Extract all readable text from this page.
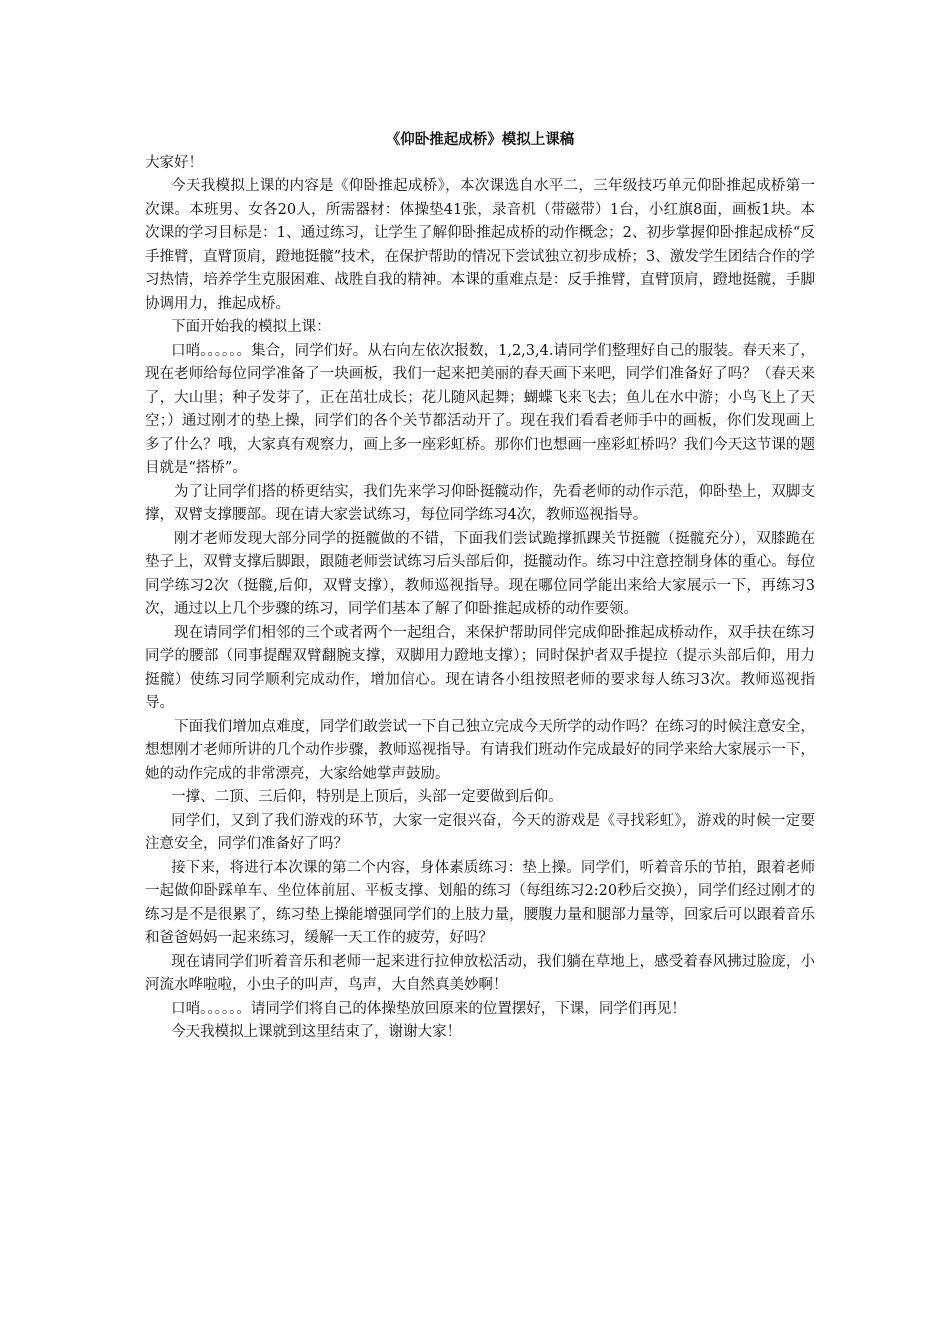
《仰卧推起成桥》模拟上课稿

大家好！

今天我模拟上课的内容是《仰卧推起成桥》，本次课选自水平二，三年级技巧单元仰卧推起成桥第一次课。本班男、女各20人，所需器材：体操垫41张，录音机（带磁带）1台，小红旗8面，画板1块。本次课的学习目标是：1、通过练习，让学生了解仰卧推起成桥的动作概念；2、初步掌握仰卧推起成桥“反手推臂，直臂顶肩，蹬地挺髋”技术，在保护帮助的情况下尝试独立初步成桥；3、激发学生团结合作的学习热情，培养学生克服困难、战胜自我的精神。本课的重难点是：反手推臂，直臂顶肩，蹬地挺髋，手脚协调用力，推起成桥。

下面开始我的模拟上课：

口哨。。。。。。集合，同学们好。从右向左依次报数，1,2,3,4.请同学们整理好自己的服装。春天来了，现在老师给每位同学准备了一块画板，我们一起来把美丽的春天画下来吧，同学们准备好了吗？（春天来了，大山里；种子发芽了，正在茁壮成长；花儿随风起舞；蝴蝶飞来飞去；鱼儿在水中游；小鸟飞上了天空；）通过刚才的垫上操，同学们的各个关节都活动开了。现在我们看看老师手中的画板，你们发现画上多了什么？哦，大家真有观察力，画上多一座彩虹桥。那你们也想画一座彩虹桥吗？我们今天这节课的题目就是“搭桥”。

为了让同学们搭的桥更结实，我们先来学习仰卧挺髋动作，先看老师的动作示范，仰卧垫上，双脚支撑，双臂支撑腰部。现在请大家尝试练习，每位同学练习4次，教师巡视指导。

刚才老师发现大部分同学的挺髋做的不错，下面我们尝试跪撑抓踝关节挺髋（挺髋充分），双膝跪在垫子上，双臂支撑后脚跟，跟随老师尝试练习后头部后仰，挺髋动作。练习中注意控制身体的重心。每位同学练习2次（挺髋,后仰，双臂支撑），教师巡视指导。现在哪位同学能出来给大家展示一下，再练习3次，通过以上几个步骤的练习，同学们基本了解了仰卧推起成桥的动作要领。

现在请同学们相邻的三个或者两个一起组合，来保护帮助同伴完成仰卧推起成桥动作，双手扶在练习同学的腰部（同事提醒双臂翻腕支撑，双脚用力蹬地支撑）；同时保护者双手提拉（提示头部后仰，用力挺髋）使练习同学顺利完成动作，增加信心。现在请各小组按照老师的要求每人练习3次。教师巡视指导。

下面我们增加点难度，同学们敢尝试一下自己独立完成今天所学的动作吗？在练习的时候注意安全，想想刚才老师所讲的几个动作步骤，教师巡视指导。有请我们班动作完成最好的同学来给大家展示一下，她的动作完成的非常漂亮，大家给她掌声鼓励。

一撑、二顶、三后仰，特别是上顶后，头部一定要做到后仰。

同学们，又到了我们游戏的环节，大家一定很兴奋，今天的游戏是《寻找彩虹》，游戏的时候一定要注意安全，同学们准备好了吗？

接下来，将进行本次课的第二个内容，身体素质练习：垫上操。同学们，听着音乐的节拍，跟着老师一起做仰卧踩单车、坐位体前屈、平板支撑、划船的练习（每组练习2:20秒后交换），同学们经过刚才的练习是不是很累了，练习垫上操能增强同学们的上肢力量，腰腹力量和腿部力量等，回家后可以跟着音乐和爸爸妈妈一起来练习，缓解一天工作的疲劳，好吗？

现在请同学们听着音乐和老师一起来进行拉伸放松活动，我们躺在草地上，感受着春风拂过脸庞，小河流水哗啦啦，小虫子的叫声，鸟声，大自然真美妙啊！

口哨。。。。。。请同学们将自己的体操垫放回原来的位置摆好，下课，同学们再见！

今天我模拟上课就到这里结束了，谢谢大家！
